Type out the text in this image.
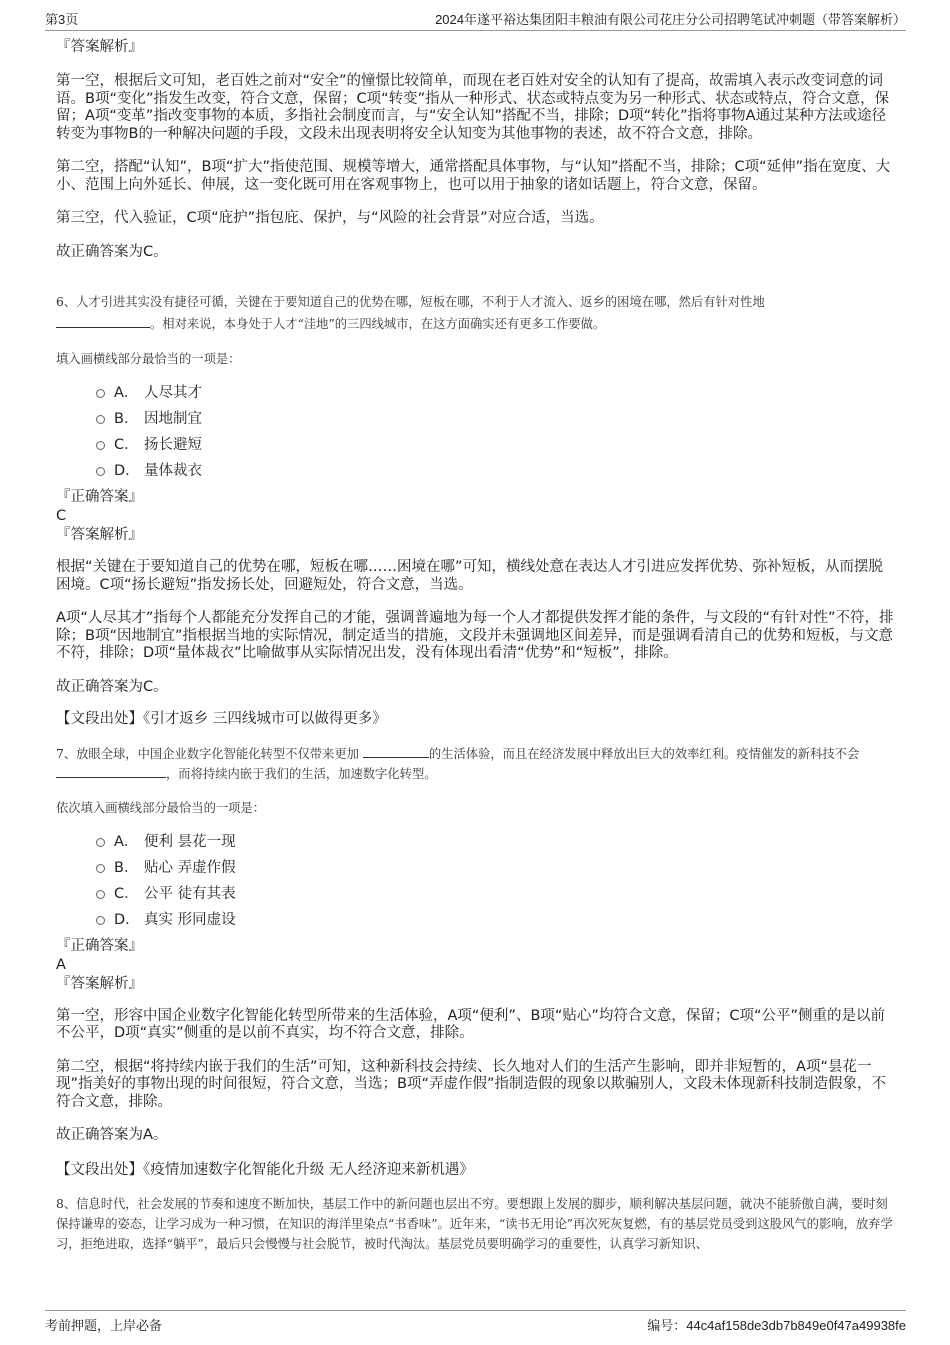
第3页	2024年遂平裕达集团阳丰粮油有限公司花庄分公司招聘笔试冲刺题（带答案解析）
『答案解析』

第一空，根据后文可知，老百姓之前对“安全”的憧憬比较简单，而现在老百姓对安全的认知有了提高，故需填入表示改变词意的词语。B项“变化”指发生改变，符合文意，保留；C项“转变”指从一种形式、状态或特点变为另一种形式、状态或特点，符合文意，保留；A项“变革”指改变事物的本质，多指社会制度而言，与“安全认知”搭配不当，排除；D项“转化”指将事物A通过某种方法或途径转变为事物B的一种解决问题的手段，文段未出现表明将安全认知变为其他事物的表述，故不符合文意，排除。

第二空，搭配“认知”，B项“扩大”指使范围、规模等增大，通常搭配具体事物，与“认知”搭配不当，排除；C项“延伸”指在宽度、大小、范围上向外延长、伸展，这一变化既可用在客观事物上，也可以用于抽象的诸如话题上，符合文意，保留。

第三空，代入验证，C项“庇护”指包庇、保护，与“风险的社会背景”对应合适，当选。

故正确答案为C。

6、人才引进其实没有捷径可循，关键在于要知道自己的优势在哪，短板在哪，不利于人才流入、返乡的困境在哪，然后有针对性地
。相对来说，本身处于人才“洼地”的三四线城市，在这方面确实还有更多工作要做。

填入画横线部分最恰当的一项是：

A． 人尽其才
B． 因地制宜
C． 扬长避短
D． 量体裁衣
『正确答案』
C
『答案解析』

根据“关键在于要知道自己的优势在哪，短板在哪……困境在哪”可知，横线处意在表达人才引进应发挥优势、弥补短板，从而摆脱困境。C项“扬长避短”指发扬长处，回避短处，符合文意，当选。

A项“人尽其才”指每个人都能充分发挥自己的才能，强调普遍地为每一个人才都提供发挥才能的条件，与文段的“有针对性”不符，排除；B项“因地制宜”指根据当地的实际情况，制定适当的措施，文段并未强调地区间差异，而是强调看清自己的优势和短板，与文意不符，排除；D项“量体裁衣”比喻做事从实际情况出发，没有体现出看清“优势”和“短板”，排除。

故正确答案为C。

【文段出处】《引才返乡 三四线城市可以做得更多》

7、放眼全球，中国企业数字化智能化转型不仅带来更加	的生活体验，而且在经济发展中释放出巨大的效率红利。疫情催发的新科技不会 ，而将持续内嵌于我们的生活，加速数字化转型。

依次填入画横线部分最恰当的一项是：

A． 便利 昙花一现
B． 贴心 弄虚作假
C． 公平 徒有其表
D． 真实 形同虚设
『正确答案』
A
『答案解析』

第一空，形容中国企业数字化智能化转型所带来的生活体验，A项“便利”、B项“贴心”均符合文意，保留；C项“公平”侧重的是以前不公平，D项“真实”侧重的是以前不真实，均不符合文意，排除。

第二空，根据“将持续内嵌于我们的生活”可知，这种新科技会持续、长久地对人们的生活产生影响，即并非短暂的，A项“昙花一现”指美好的事物出现的时间很短，符合文意，当选；B项“弄虚作假”指制造假的现象以欺骗别人，文段未体现新科技制造假象，不符合文意，排除。

故正确答案为A。

【文段出处】《疫情加速数字化智能化升级 无人经济迎来新机遇》

8、信息时代，社会发展的节奏和速度不断加快，基层工作中的新问题也层出不穷。要想跟上发展的脚步，顺利解决基层问题，就决不能骄傲自满，要时刻保持谦卑的姿态，让学习成为一种习惯，在知识的海洋里染点“书香味”。近年来，“读书无用论”再次死灰复燃，有的基层党员受到这股风气的影响，放弃学习，拒绝进取，选择“躺平”，最后只会慢慢与社会脱节，被时代淘汰。基层党员要明确学习的重要性，认真学习新知识、

考前押题，上岸必备	编号：44c4af158de3db7b849e0f47a49938fe
